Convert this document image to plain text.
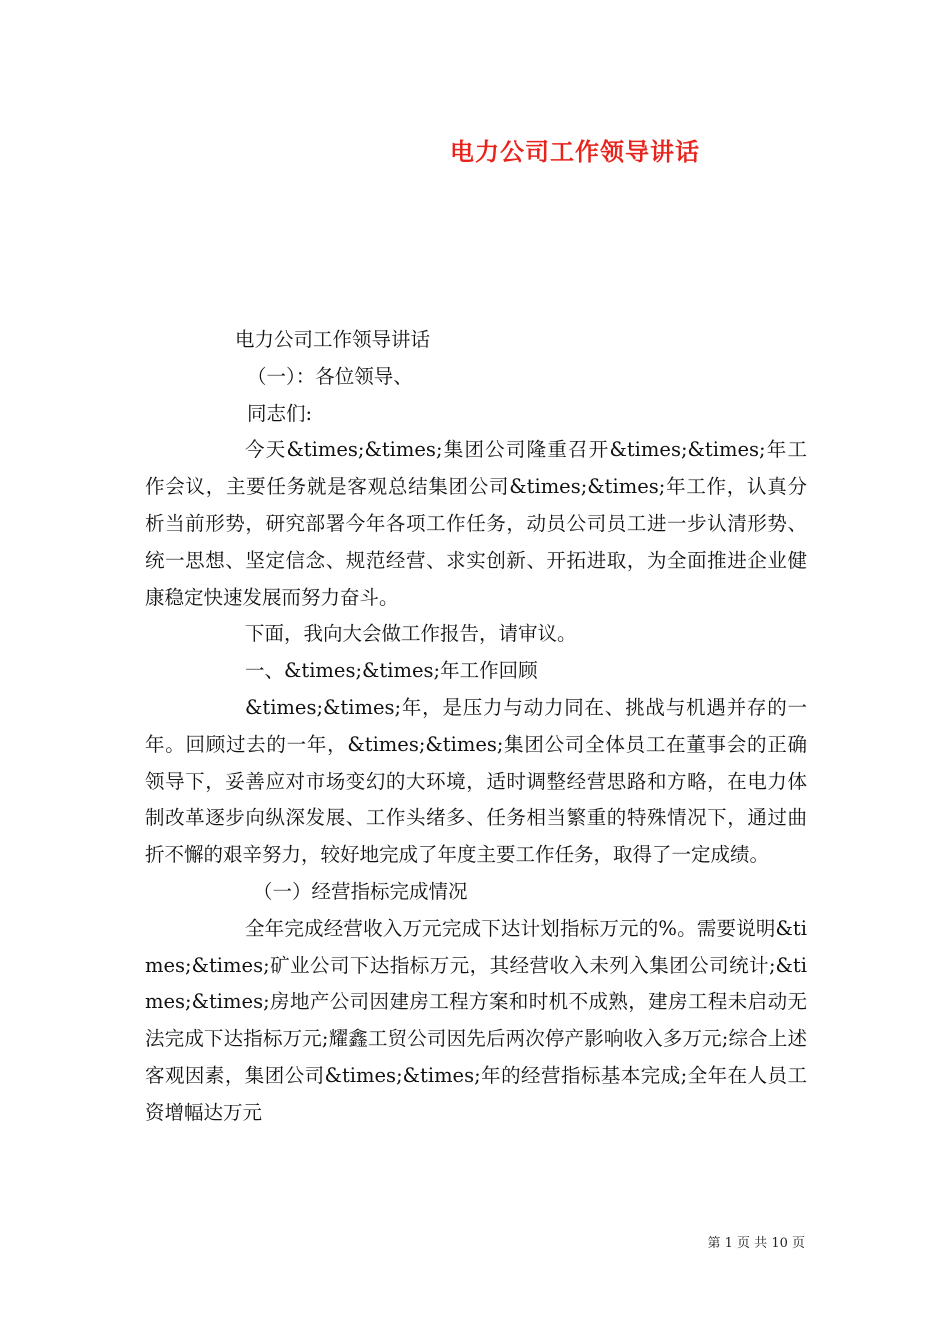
电力公司工作领导讲话

电力公司工作领导讲话

（一）：各位领导、

同志们:

今天&times;&times;集团公司隆重召开&times;&times;年工作会议，主要任务就是客观总结集团公司&times;&times;年工作，认真分析当前形势，研究部署今年各项工作任务，动员公司员工进一步认清形势、统一思想、坚定信念、规范经营、求实创新、开拓进取，为全面推进企业健康稳定快速发展而努力奋斗。

下面，我向大会做工作报告，请审议。

一、&times;&times;年工作回顾

&times;&times;年，是压力与动力同在、挑战与机遇并存的一年。回顾过去的一年，&times;&times;集团公司全体员工在董事会的正确领导下，妥善应对市场变幻的大环境，适时调整经营思路和方略，在电力体制改革逐步向纵深发展、工作头绪多、任务相当繁重的特殊情况下，通过曲折不懈的艰辛努力，较好地完成了年度主要工作任务，取得了一定成绩。

（一）经营指标完成情况

全年完成经营收入万元完成下达计划指标万元的%。需要说明&times;&times;矿业公司下达指标万元，其经营收入未列入集团公司统计;&times;&times;房地产公司因建房工程方案和时机不成熟，建房工程未启动无法完成下达指标万元;耀鑫工贸公司因先后两次停产影响收入多万元;综合上述客观因素，集团公司&times;&times;年的经营指标基本完成;全年在人员工资增幅达万元

第 1 页 共 10 页
